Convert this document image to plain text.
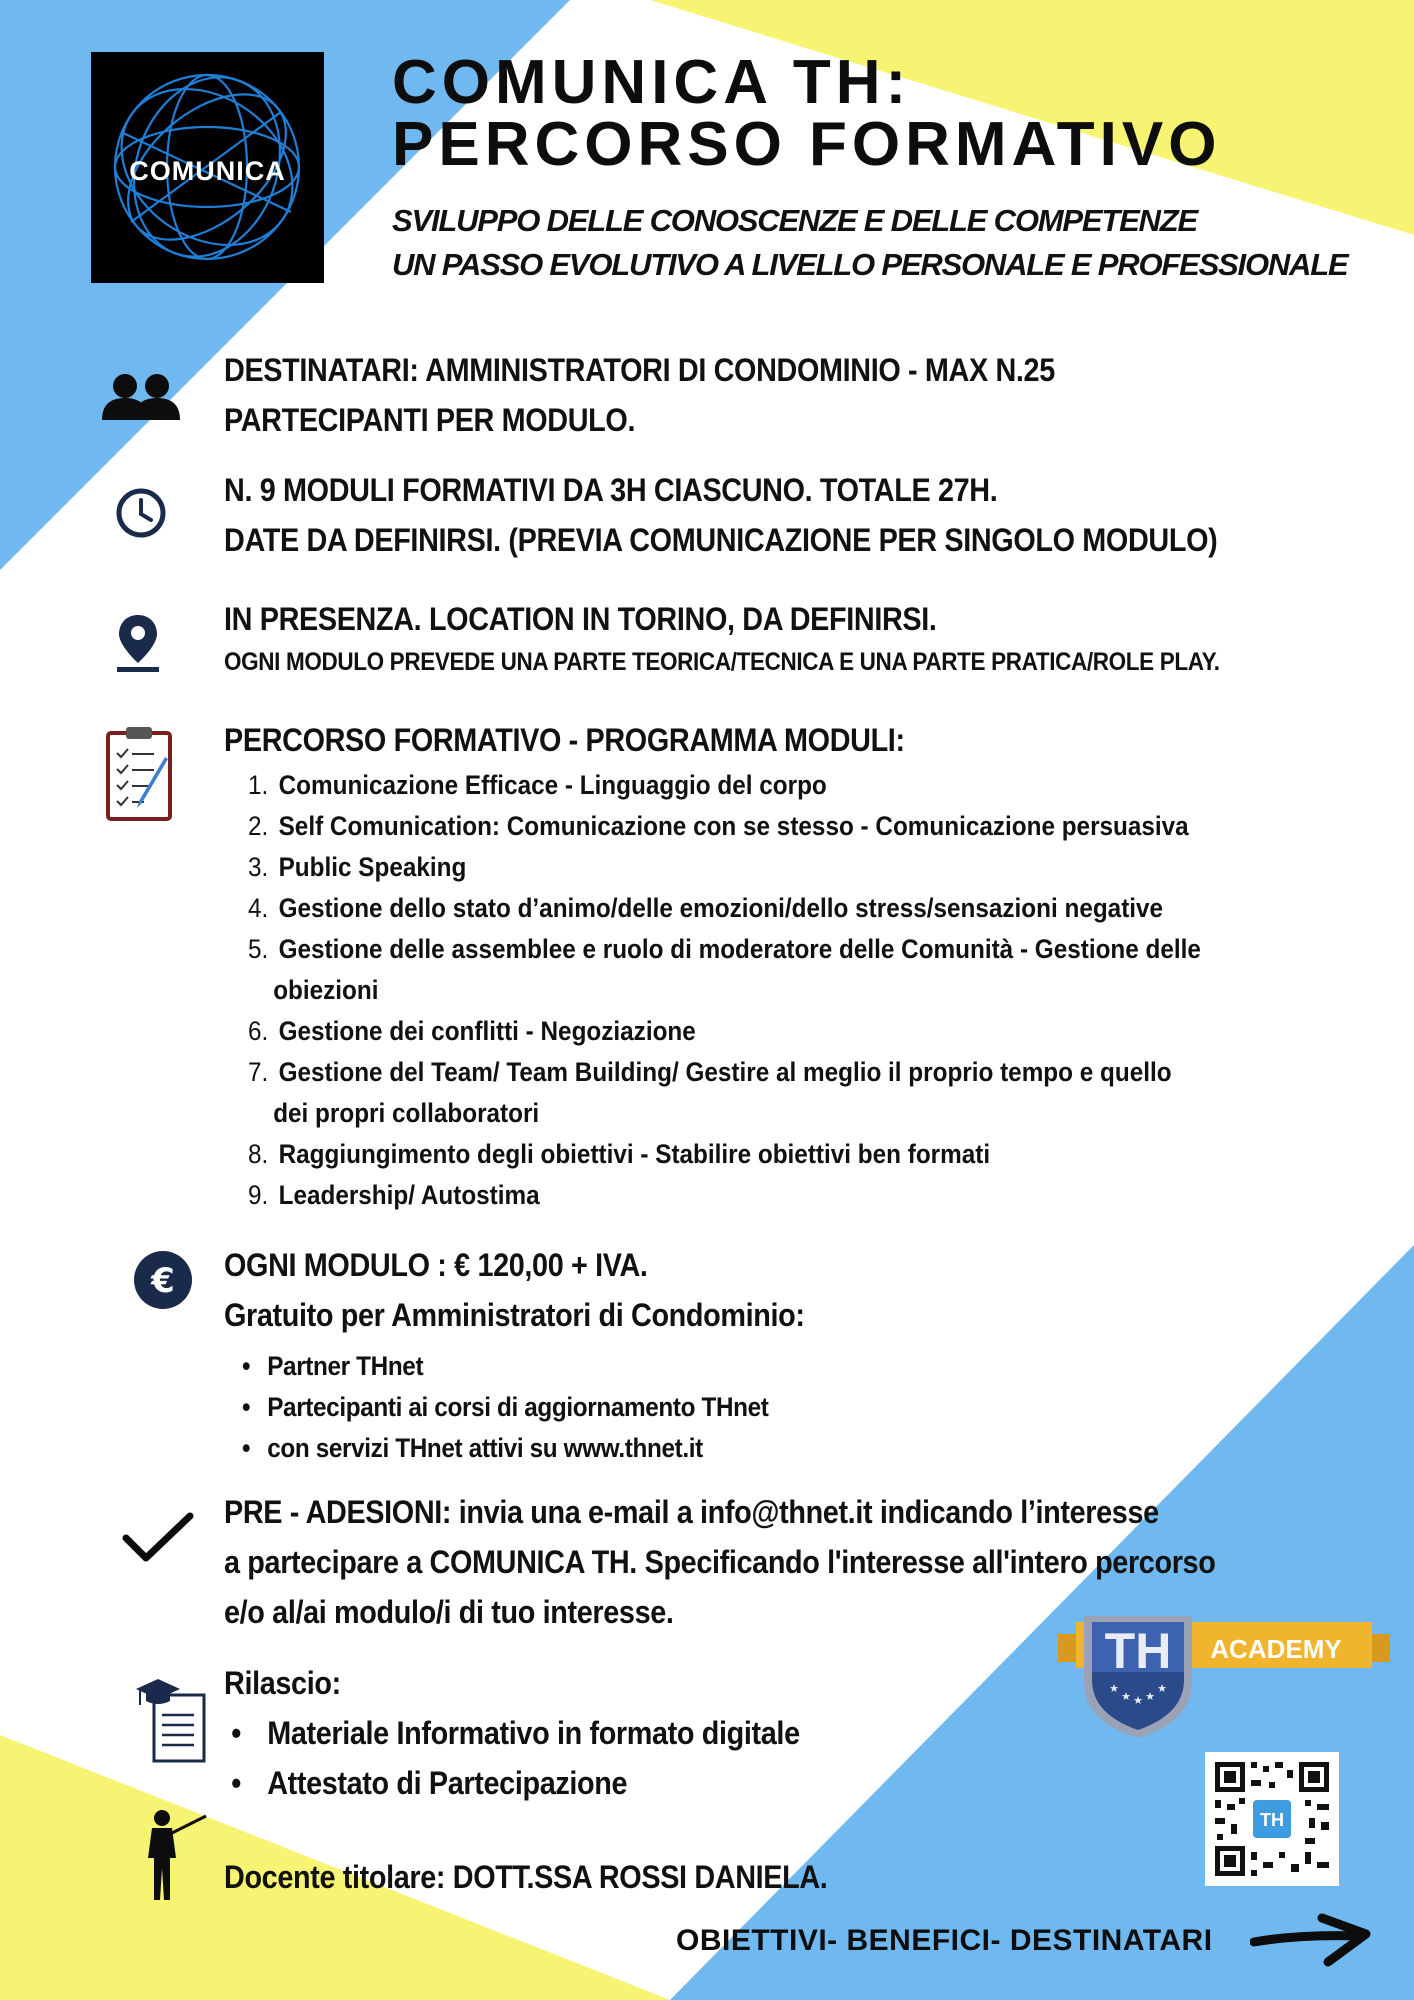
COMUNICA
COMUNICA TH:
PERCORSO FORMATIVO
SVILUPPO DELLE CONOSCENZE E DELLE COMPETENZE
UN PASSO EVOLUTIVO A LIVELLO PERSONALE E PROFESSIONALE
DESTINATARI: AMMINISTRATORI DI CONDOMINIO - MAX N.25
PARTECIPANTI PER MODULO.
N. 9 MODULI FORMATIVI DA 3H CIASCUNO. TOTALE 27H.
DATE DA DEFINIRSI. (PREVIA COMUNICAZIONE PER SINGOLO MODULO)
IN PRESENZA. LOCATION IN TORINO, DA DEFINIRSI.
OGNI MODULO PREVEDE UNA PARTE TEORICA/TECNICA E UNA PARTE PRATICA/ROLE PLAY.
PERCORSO FORMATIVO - PROGRAMMA MODULI:
1. Comunicazione Efficace - Linguaggio del corpo
2. Self Comunication: Comunicazione con se stesso - Comunicazione persuasiva
3. Public Speaking
4. Gestione dello stato d’animo/delle emozioni/dello stress/sensazioni negative
5. Gestione delle assemblee e ruolo di moderatore delle Comunità - Gestione delle
obiezioni
6. Gestione dei conflitti - Negoziazione
7. Gestione del Team/ Team Building/ Gestire al meglio il proprio tempo e quello
dei propri collaboratori
8. Raggiungimento degli obiettivi - Stabilire obiettivi ben formati
9. Leadership/ Autostima
€ OGNI MODULO : € 120,00 + IVA.
Gratuito per Amministratori di Condominio:
• Partner THnet
• Partecipanti ai corsi di aggiornamento THnet
• con servizi THnet attivi su www.thnet.it
PRE - ADESIONI: invia una e-mail a info@thnet.it indicando l’interesse
a partecipare a COMUNICA TH. Specificando l'interesse all'intero percorso
e/o al/ai modulo/i di tuo interesse.
Rilascio:
• Materiale Informativo in formato digitale
• Attestato di Partecipazione
Docente titolare: DOTT.SSA ROSSI DANIELA.
TH
★
★ ★ ★
★
ACADEMY
TH
OBIETTIVI- BENEFICI- DESTINATARI
